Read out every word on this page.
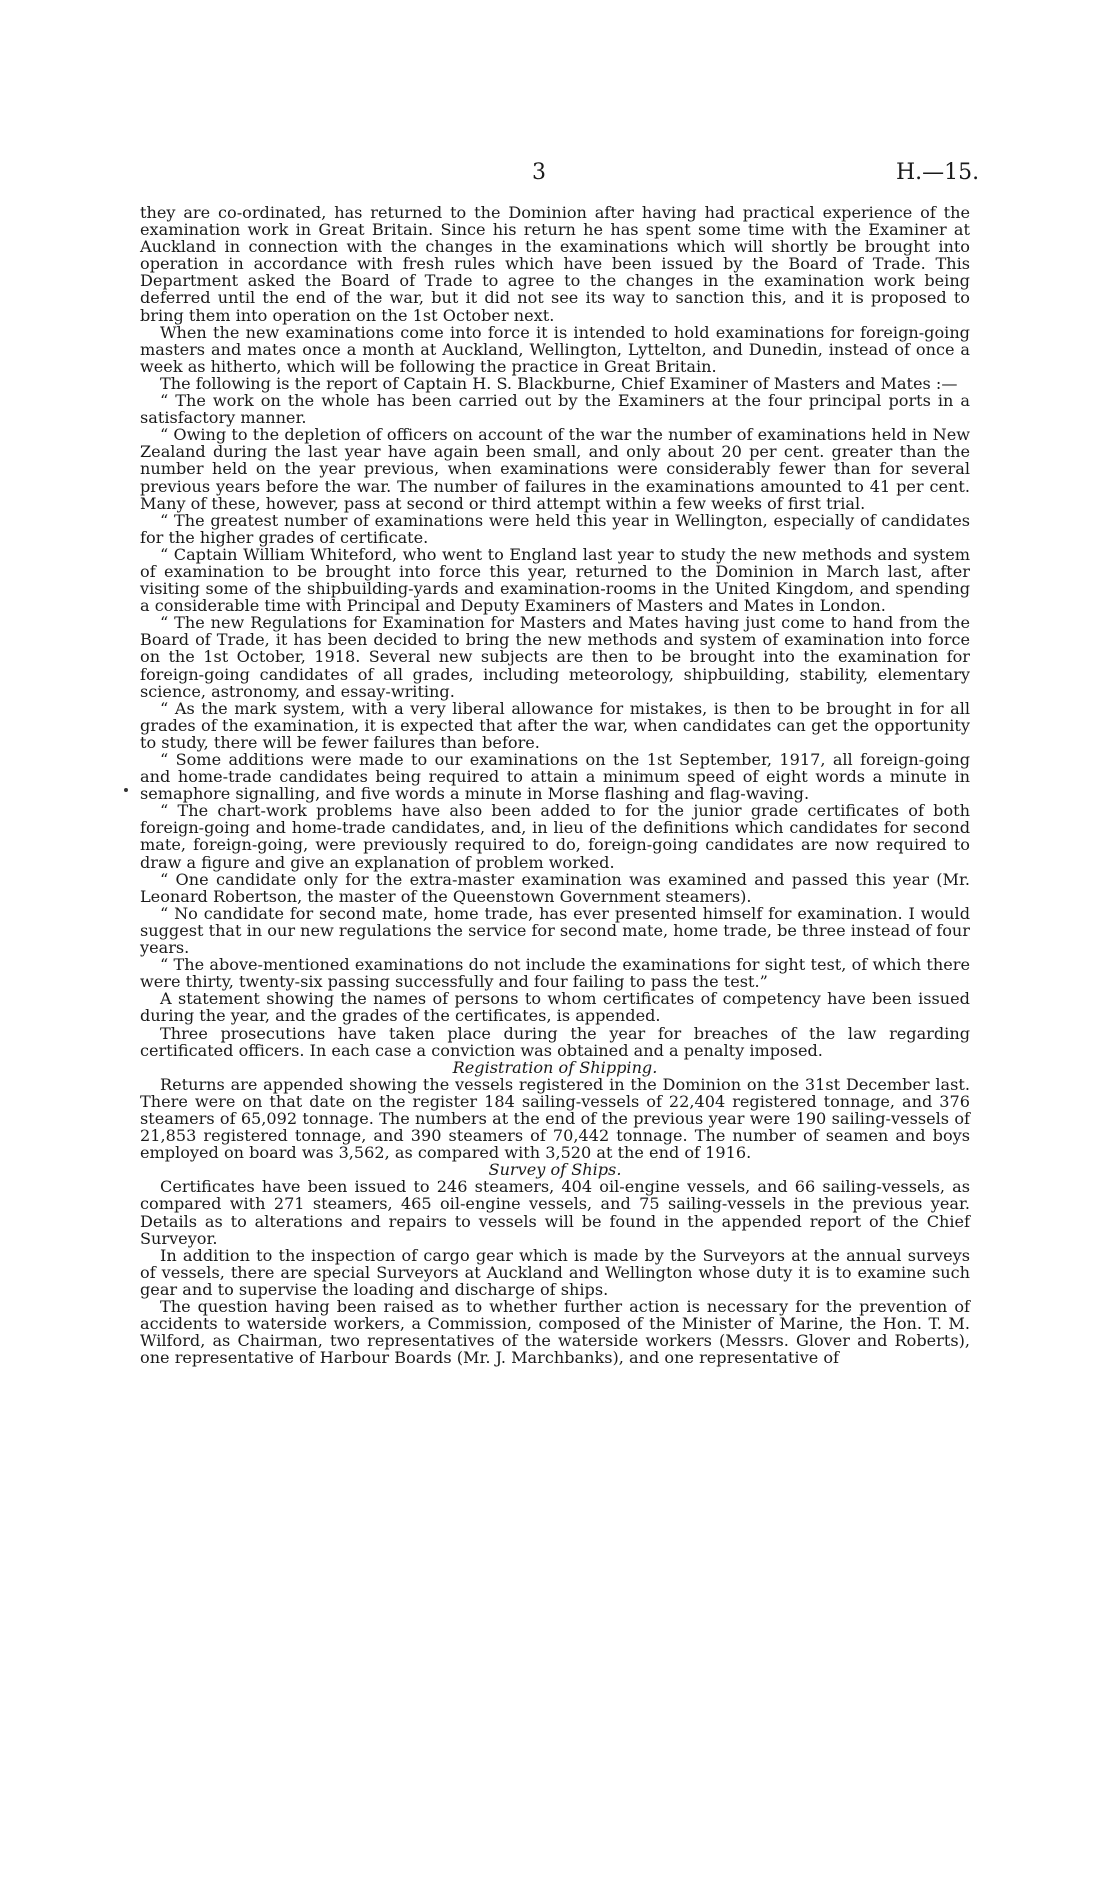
3	H.—15.

they are co-ordinated, has returned to the Dominion after having had practical experience of the examination work in Great Britain. Since his return he has spent some time with the Examiner at Auckland in connection with the changes in the examinations which will shortly be brought into operation in accordance with fresh rules which have been issued by the Board of Trade. This Department asked the Board of Trade to agree to the changes in the examination work being deferred until the end of the war, but it did not see its way to sanction this, and it is proposed to bring them into operation on the 1st October next.

When the new examinations come into force it is intended to hold examinations for foreign-going masters and mates once a month at Auckland, Wellington, Lyttelton, and Dunedin, instead of once a week as hitherto, which will be following the practice in Great Britain.

The following is the report of Captain H. S. Blackburne, Chief Examiner of Masters and Mates :—

“ The work on the whole has been carried out by the Examiners at the four principal ports in a satisfactory manner.

“ Owing to the depletion of officers on account of the war the number of examinations held in New Zealand during the last year have again been small, and only about 20 per cent. greater than the number held on the year previous, when examinations were considerably fewer than for several previous years before the war. The number of failures in the examinations amounted to 41 per cent. Many of these, however, pass at second or third attempt within a few weeks of first trial.

“ The greatest number of examinations were held this year in Wellington, especially of candidates for the higher grades of certificate.

“ Captain William Whiteford, who went to England last year to study the new methods and system of examination to be brought into force this year, returned to the Dominion in March last, after visiting some of the shipbuilding-yards and examination-rooms in the United Kingdom, and spending a considerable time with Principal and Deputy Examiners of Masters and Mates in London.

“ The new Regulations for Examination for Masters and Mates having just come to hand from the Board of Trade, it has been decided to bring the new methods and system of examination into force on the 1st October, 1918. Several new subjects are then to be brought into the examination for foreign-going candidates of all grades, including meteorology, shipbuilding, stability, elementary science, astronomy, and essay-writing.

“ As the mark system, with a very liberal allowance for mistakes, is then to be brought in for all grades of the examination, it is expected that after the war, when candidates can get the opportunity to study, there will be fewer failures than before.

“ Some additions were made to our examinations on the 1st September, 1917, all foreign-going and home-trade candidates being required to attain a minimum speed of eight words a minute in semaphore signalling, and five words a minute in Morse flashing and flag-waving.

“ The chart-work problems have also been added to for the junior grade certificates of both foreign-going and home-trade candidates, and, in lieu of the definitions which candidates for second mate, foreign-going, were previously required to do, foreign-going candidates are now required to draw a figure and give an explanation of problem worked.

“ One candidate only for the extra-master examination was examined and passed this year (Mr. Leonard Robertson, the master of the Queenstown Government steamers).

“ No candidate for second mate, home trade, has ever presented himself for examination. I would suggest that in our new regulations the service for second mate, home trade, be three instead of four years.

“ The above-mentioned examinations do not include the examinations for sight test, of which there were thirty, twenty-six passing successfully and four failing to pass the test.”

A statement showing the names of persons to whom certificates of competency have been issued during the year, and the grades of the certificates, is appended.

Three prosecutions have taken place during the year for breaches of the law regarding certificated officers. In each case a conviction was obtained and a penalty imposed.

Registration of Shipping.

Returns are appended showing the vessels registered in the Dominion on the 31st December last. There were on that date on the register 184 sailing-vessels of 22,404 registered tonnage, and 376 steamers of 65,092 tonnage. The numbers at the end of the previous year were 190 sailing-vessels of 21,853 registered tonnage, and 390 steamers of 70,442 tonnage. The number of seamen and boys employed on board was 3,562, as compared with 3,520 at the end of 1916.

Survey of Ships.

Certificates have been issued to 246 steamers, 404 oil-engine vessels, and 66 sailing-vessels, as compared with 271 steamers, 465 oil-engine vessels, and 75 sailing-vessels in the previous year. Details as to alterations and repairs to vessels will be found in the appended report of the Chief Surveyor.

In addition to the inspection of cargo gear which is made by the Surveyors at the annual surveys of vessels, there are special Surveyors at Auckland and Wellington whose duty it is to examine such gear and to supervise the loading and discharge of ships.

The question having been raised as to whether further action is necessary for the prevention of accidents to waterside workers, a Commission, composed of the Minister of Marine, the Hon. T. M. Wilford, as Chairman, two representatives of the waterside workers (Messrs. Glover and Roberts), one representative of Harbour Boards (Mr. J. Marchbanks), and one representative of
